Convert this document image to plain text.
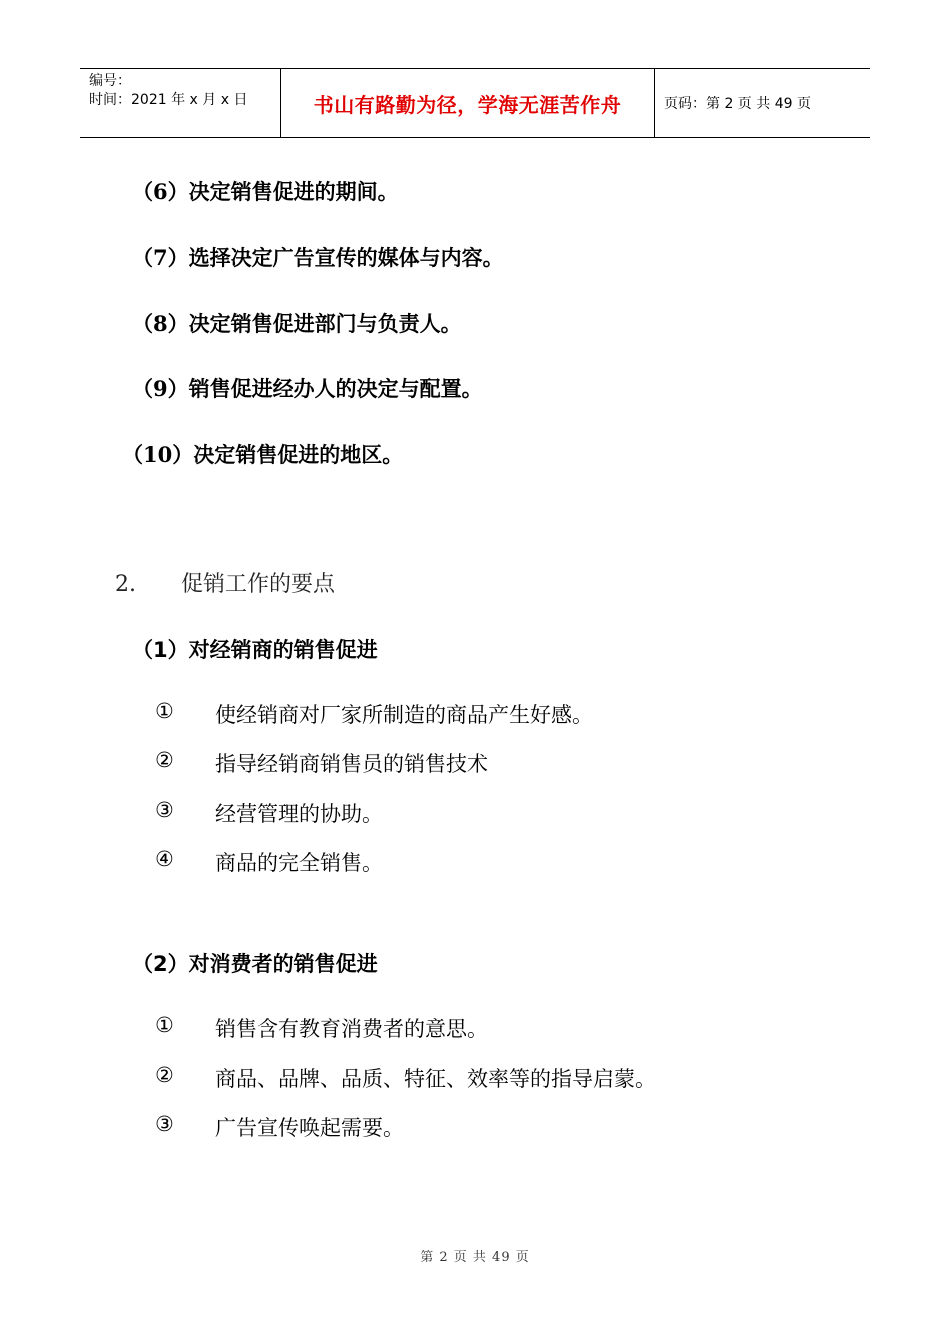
编号：
时间：2021 年 x 月 x 日	书山有路勤为径，学海无涯苦作舟	页码：第 2 页 共 49 页
（6）决定销售促进的期间。
（7）选择决定广告宣传的媒体与内容。
（8）决定销售促进部门与负责人。
（9）销售促进经办人的决定与配置。
（10）决定销售促进的地区。
2. 促销工作的要点
（1）对经销商的销售促进
①	使经销商对厂家所制造的商品产生好感。
②	指导经销商销售员的销售技术
③	经营管理的协助。
④	商品的完全销售。
（2）对消费者的销售促进
①	销售含有教育消费者的意思。
②	商品、品牌、品质、特征、效率等的指导启蒙。
③	广告宣传唤起需要。
第 2 页 共 49 页
